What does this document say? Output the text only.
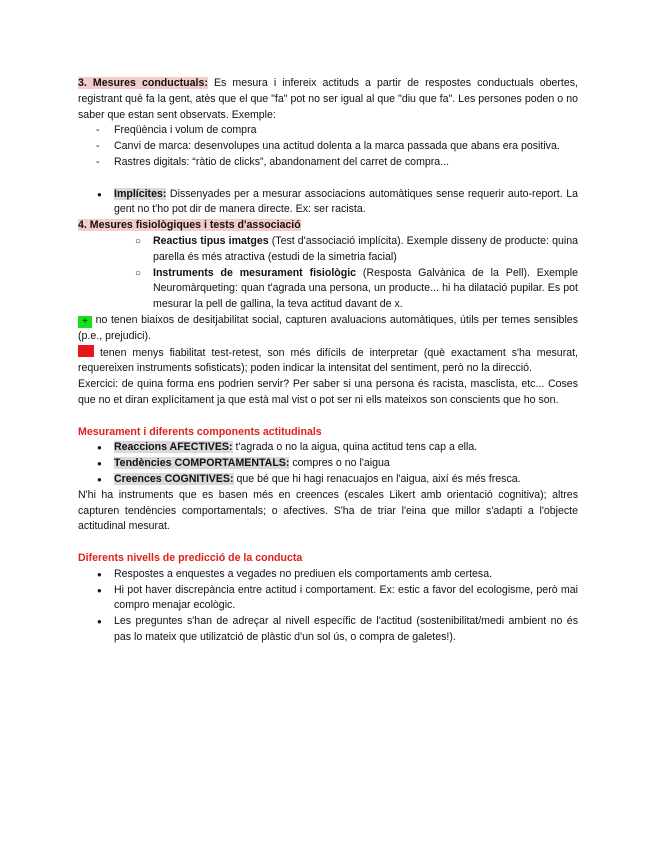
3. Mesures conductuals: Es mesura i infereix actituds a partir de respostes conductuals obertes, registrant què fa la gent, atès que el que "fa" pot no ser igual al que "diu que fa". Les persones poden o no saber que estan sent observats. Exemple:

- Freqüència i volum de compra
- Canvi de marca: desenvolupes una actitud dolenta a la marca passada que abans era positiva.
- Rastres digitals: “ràtio de clicks”, abandonament del carret de compra...
● Implícites: Dissenyades per a mesurar associacions automàtiques sense requerir auto-report. La gent no t'ho pot dir de manera directe. Ex: ser racista.

4. Mesures fisiològiques i tests d'associació

○ Reactius tipus imatges (Test d'associació implícita). Exemple disseny de producte: quina parella és més atractiva (estudi de la simetria facial)
○ Instruments de mesurament fisiològic (Resposta Galvànica de la Pell). Exemple Neuromàrqueting: quan t'agrada una persona, un producte... hi ha dilatació pupilar. Es pot mesurar la pell de gallina, la teva actitud davant de x.

+ no tenen biaixos de desitjabilitat social, capturen avaluacions automàtiques, útils per temes sensibles (p.e., prejudici).

tenen menys fiabilitat test-retest, son més difícils de interpretar (què exactament s'ha mesurat, requereixen instruments sofisticats); poden indicar la intensitat del sentiment, però no la direcció.

Exercici: de quina forma ens podrien servir? Per saber si una persona és racista, masclista, etc... Coses que no et diran explícitament ja que està mal vist o pot ser ni ells mateixos son conscients que ho son.

Mesurament i diferents components actitudinals

● Reaccions AFECTIVES: t'agrada o no la aigua, quina actitud tens cap a ella.
● Tendències COMPORTAMENTALS: compres o no l'aigua
● Creences COGNITIVES: que bé que hi hagi renacuajos en l'aigua, així és més fresca.

N'hi ha instruments que es basen més en creences (escales Likert amb orientació cognitiva); altres capturen tendències comportamentals; o afectives. S'ha de triar l'eina que millor s'adapti a l'objecte actitudinal mesurat.

Diferents nivells de predicció de la conducta

● Respostes a enquestes a vegades no prediuen els comportaments amb certesa.
● Hi pot haver discrepància entre actitud i comportament. Ex: estic a favor del ecologisme, però mai compro menajar ecològic.
● Les preguntes s'han de adreçar al nivell específic de l'actitud (sostenibilitat/medi ambient no és pas lo mateix que utilizatció de plàstic d'un sol ús, o compra de galetes!).
